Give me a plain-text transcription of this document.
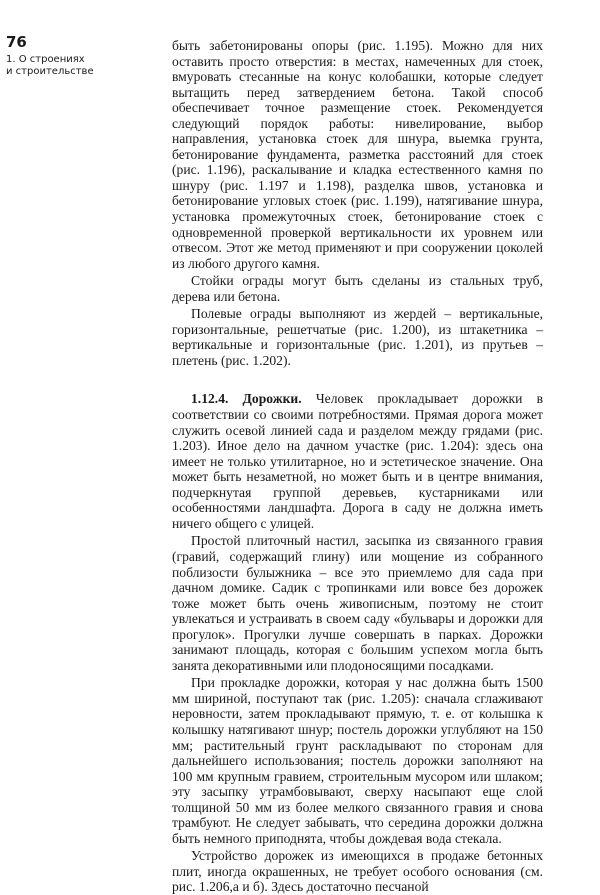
76
1. О строениях
и строительстве

быть забетонированы опоры (рис. 1.195). Можно для них оставить просто отверстия: в местах, намеченных для стоек, вмуровать стесанные на конус колобашки, которые следует вытащить перед затвердением бетона. Такой способ обеспечивает точное размещение стоек. Рекомендуется следующий порядок работы: нивелирование, выбор направления, установка стоек для шнура, выемка грунта, бетонирование фундамента, разметка расстояний для стоек (рис. 1.196), раскалывание и кладка естественного камня по шнуру (рис. 1.197 и 1.198), разделка швов, установка и бетонирование угловых стоек (рис. 1.199), натягивание шнура, установка промежуточных стоек, бетонирование стоек с одновременной проверкой вертикальности их уровнем или отвесом. Этот же метод применяют и при сооружении цоколей из любого другого камня.

Стойки ограды могут быть сделаны из стальных труб, дерева или бетона.

Полевые ограды выполняют из жердей – вертикальные, горизонтальные, решетчатые (рис. 1.200), из штакетника – вертикальные и горизонтальные (рис. 1.201), из прутьев – плетень (рис. 1.202).

1.12.4. Дорожки. Человек прокладывает дорожки в соответствии со своими потребностями. Прямая дорога может служить осевой линией сада и разделом между грядами (рис. 1.203). Иное дело на дачном участке (рис. 1.204): здесь она имеет не только утилитарное, но и эстетическое значение. Она может быть незаметной, но может быть и в центре внимания, подчеркнутая группой деревьев, кустарниками или особенностями ландшафта. Дорога в саду не должна иметь ничего общего с улицей.

Простой плиточный настил, засыпка из связанного гравия (гравий, содержащий глину) или мощение из собранного поблизости булыжника – все это приемлемо для сада при дачном домике. Садик с тропинками или вовсе без дорожек тоже может быть очень живописным, поэтому не стоит увлекаться и устраивать в своем саду «бульвары и дорожки для прогулок». Прогулки лучше совершать в парках. Дорожки занимают площадь, которая с большим успехом могла быть занята декоративными или плодоносящими посадками.

При прокладке дорожки, которая у нас должна быть 1500 мм шириной, поступают так (рис. 1.205): сначала сглаживают неровности, затем прокладывают прямую, т. е. от колышка к колышку натягивают шнур; постель дорожки углубляют на 150 мм; растительный грунт раскладывают по сторонам для дальнейшего использования; постель дорожки заполняют на 100 мм крупным гравием, строительным мусором или шлаком; эту засыпку утрамбовывают, сверху насыпают еще слой толщиной 50 мм из более мелкого связанного гравия и снова трамбуют. Не следует забывать, что середина дорожки должна быть немного приподнята, чтобы дождевая вода стекала.

Устройство дорожек из имеющихся в продаже бетонных плит, иногда окрашенных, не требует особого основания (см. рис. 1.206,а и б). Здесь достаточно песчаной
